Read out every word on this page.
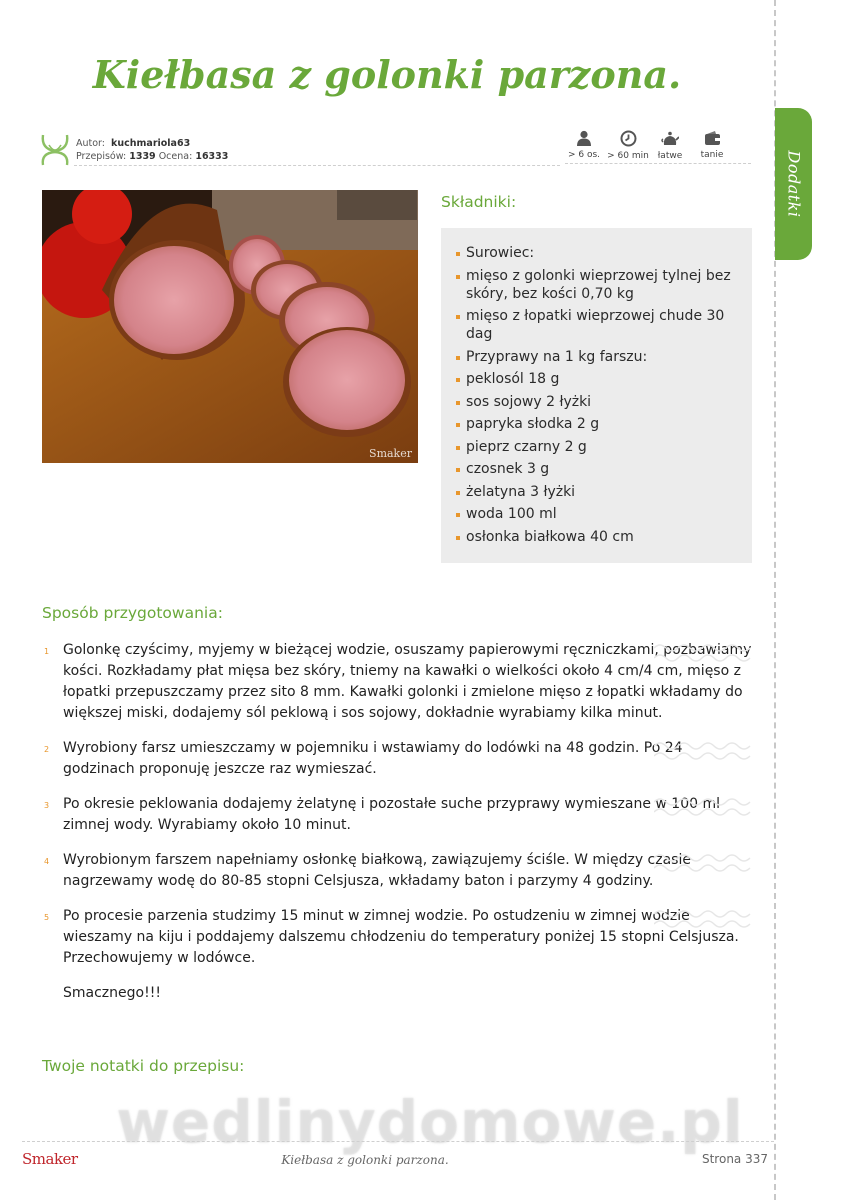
Dodatki
Kiełbasa z golonki parzona.
Autor: kuchmariola63
Przepisów: 1339 Ocena: 16333	> 6 os. > 60 min łatwe	tanie
Smaker
Składniki:
Surowiec:
mięso z golonki wieprzowej tylnej bez skóry, bez kości 0,70 kg
mięso z łopatki wieprzowej chude 30 dag
Przyprawy na 1 kg farszu:
peklosól 18 g
sos sojowy 2 łyżki
papryka słodka 2 g
pieprz czarny 2 g
czosnek 3 g
żelatyna 3 łyżki
woda 100 ml
osłonka białkowa 40 cm
Sposób przygotowania:
1 Golonkę czyścimy, myjemy w bieżącej wodzie, osuszamy papierowymi ręczniczkami, pozbawiamy kości. Rozkładamy płat mięsa bez skóry, tniemy na kawałki o wielkości około 4 cm/4 cm, mięso z łopatki przepuszczamy przez sito 8 mm. Kawałki golonki i zmielone mięso z łopatki wkładamy do większej miski, dodajemy sól peklową i sos sojowy, dokładnie wyrabiamy kilka minut.
2 Wyrobiony farsz umieszczamy w pojemniku i wstawiamy do lodówki na 48 godzin. Po 24 godzinach proponuję jeszcze raz wymieszać.
3 Po okresie peklowania dodajemy żelatynę i pozostałe suche przyprawy wymieszane w 100 ml zimnej wody. Wyrabiamy około 10 minut.
4 Wyrobionym farszem napełniamy osłonkę białkową, zawiązujemy ściśle. W między czasie nagrzewamy wodę do 80-85 stopni Celsjusza, wkładamy baton i parzymy 4 godziny.
5 Po procesie parzenia studzimy 15 minut w zimnej wodzie. Po ostudzeniu w zimnej wodzie wieszamy na kiju i poddajemy dalszemu chłodzeniu do temperatury poniżej 15 stopni Celsjusza. Przechowujemy w lodówce.
Smacznego!!!
Twoje notatki do przepisu:
wedlinydomowe.pl
Smaker	Kiełbasa z golonki parzona.	Strona 337
